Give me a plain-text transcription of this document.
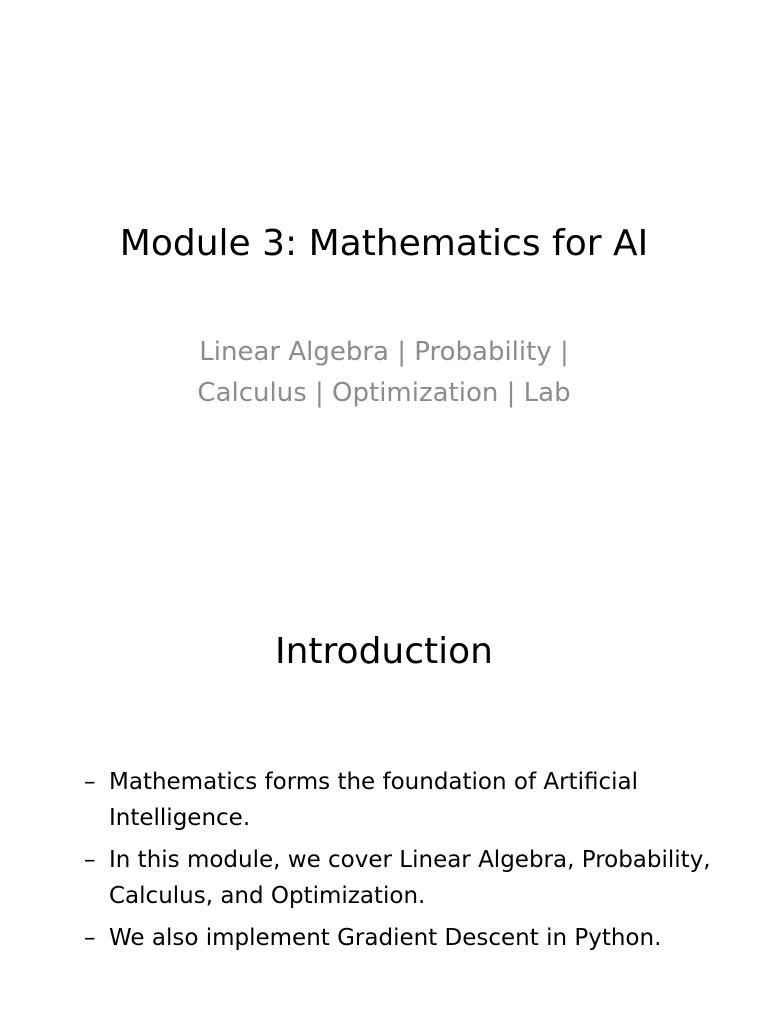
Module 3: Mathematics for AI

Linear Algebra | Probability |
Calculus | Optimization | Lab

Introduction
– Mathematics forms the foundation of Artificial Intelligence.
– In this module, we cover Linear Algebra, Probability, Calculus, and Optimization.
– We also implement Gradient Descent in Python.
